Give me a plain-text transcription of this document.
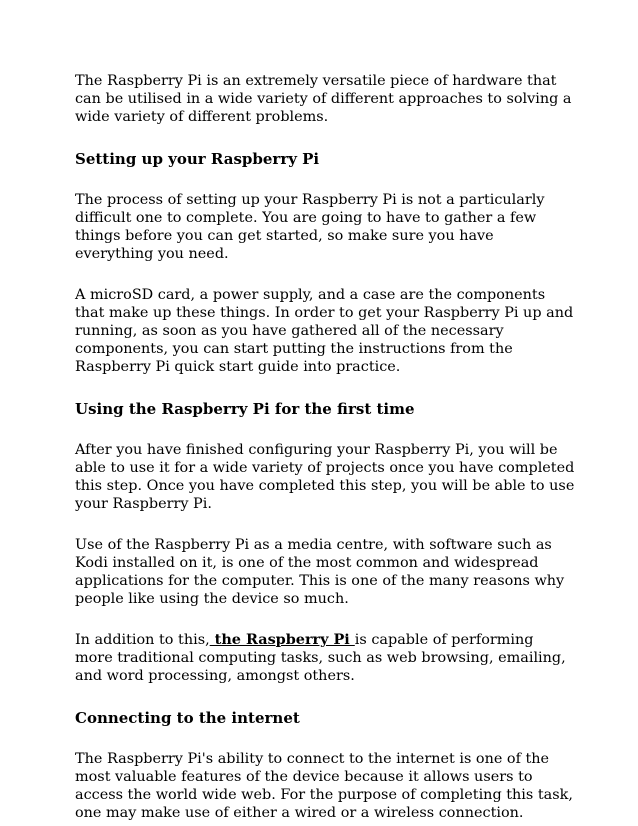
The Raspberry Pi is an extremely versatile piece of hardware that can be utilised in a wide variety of different approaches to solving a wide variety of different problems.

Setting up your Raspberry Pi

The process of setting up your Raspberry Pi is not a particularly difficult one to complete. You are going to have to gather a few things before you can get started, so make sure you have everything you need.

A microSD card, a power supply, and a case are the components that make up these things. In order to get your Raspberry Pi up and running, as soon as you have gathered all of the necessary components, you can start putting the instructions from the Raspberry Pi quick start guide into practice.

Using the Raspberry Pi for the first time

After you have finished configuring your Raspberry Pi, you will be able to use it for a wide variety of projects once you have completed this step. Once you have completed this step, you will be able to use your Raspberry Pi.

Use of the Raspberry Pi as a media centre, with software such as Kodi installed on it, is one of the most common and widespread applications for the computer. This is one of the many reasons why people like using the device so much.

In addition to this, the Raspberry Pi is capable of performing more traditional computing tasks, such as web browsing, emailing, and word processing, amongst others.

Connecting to the internet

The Raspberry Pi's ability to connect to the internet is one of the most valuable features of the device because it allows users to access the world wide web. For the purpose of completing this task, one may make use of either a wired or a wireless connection.
